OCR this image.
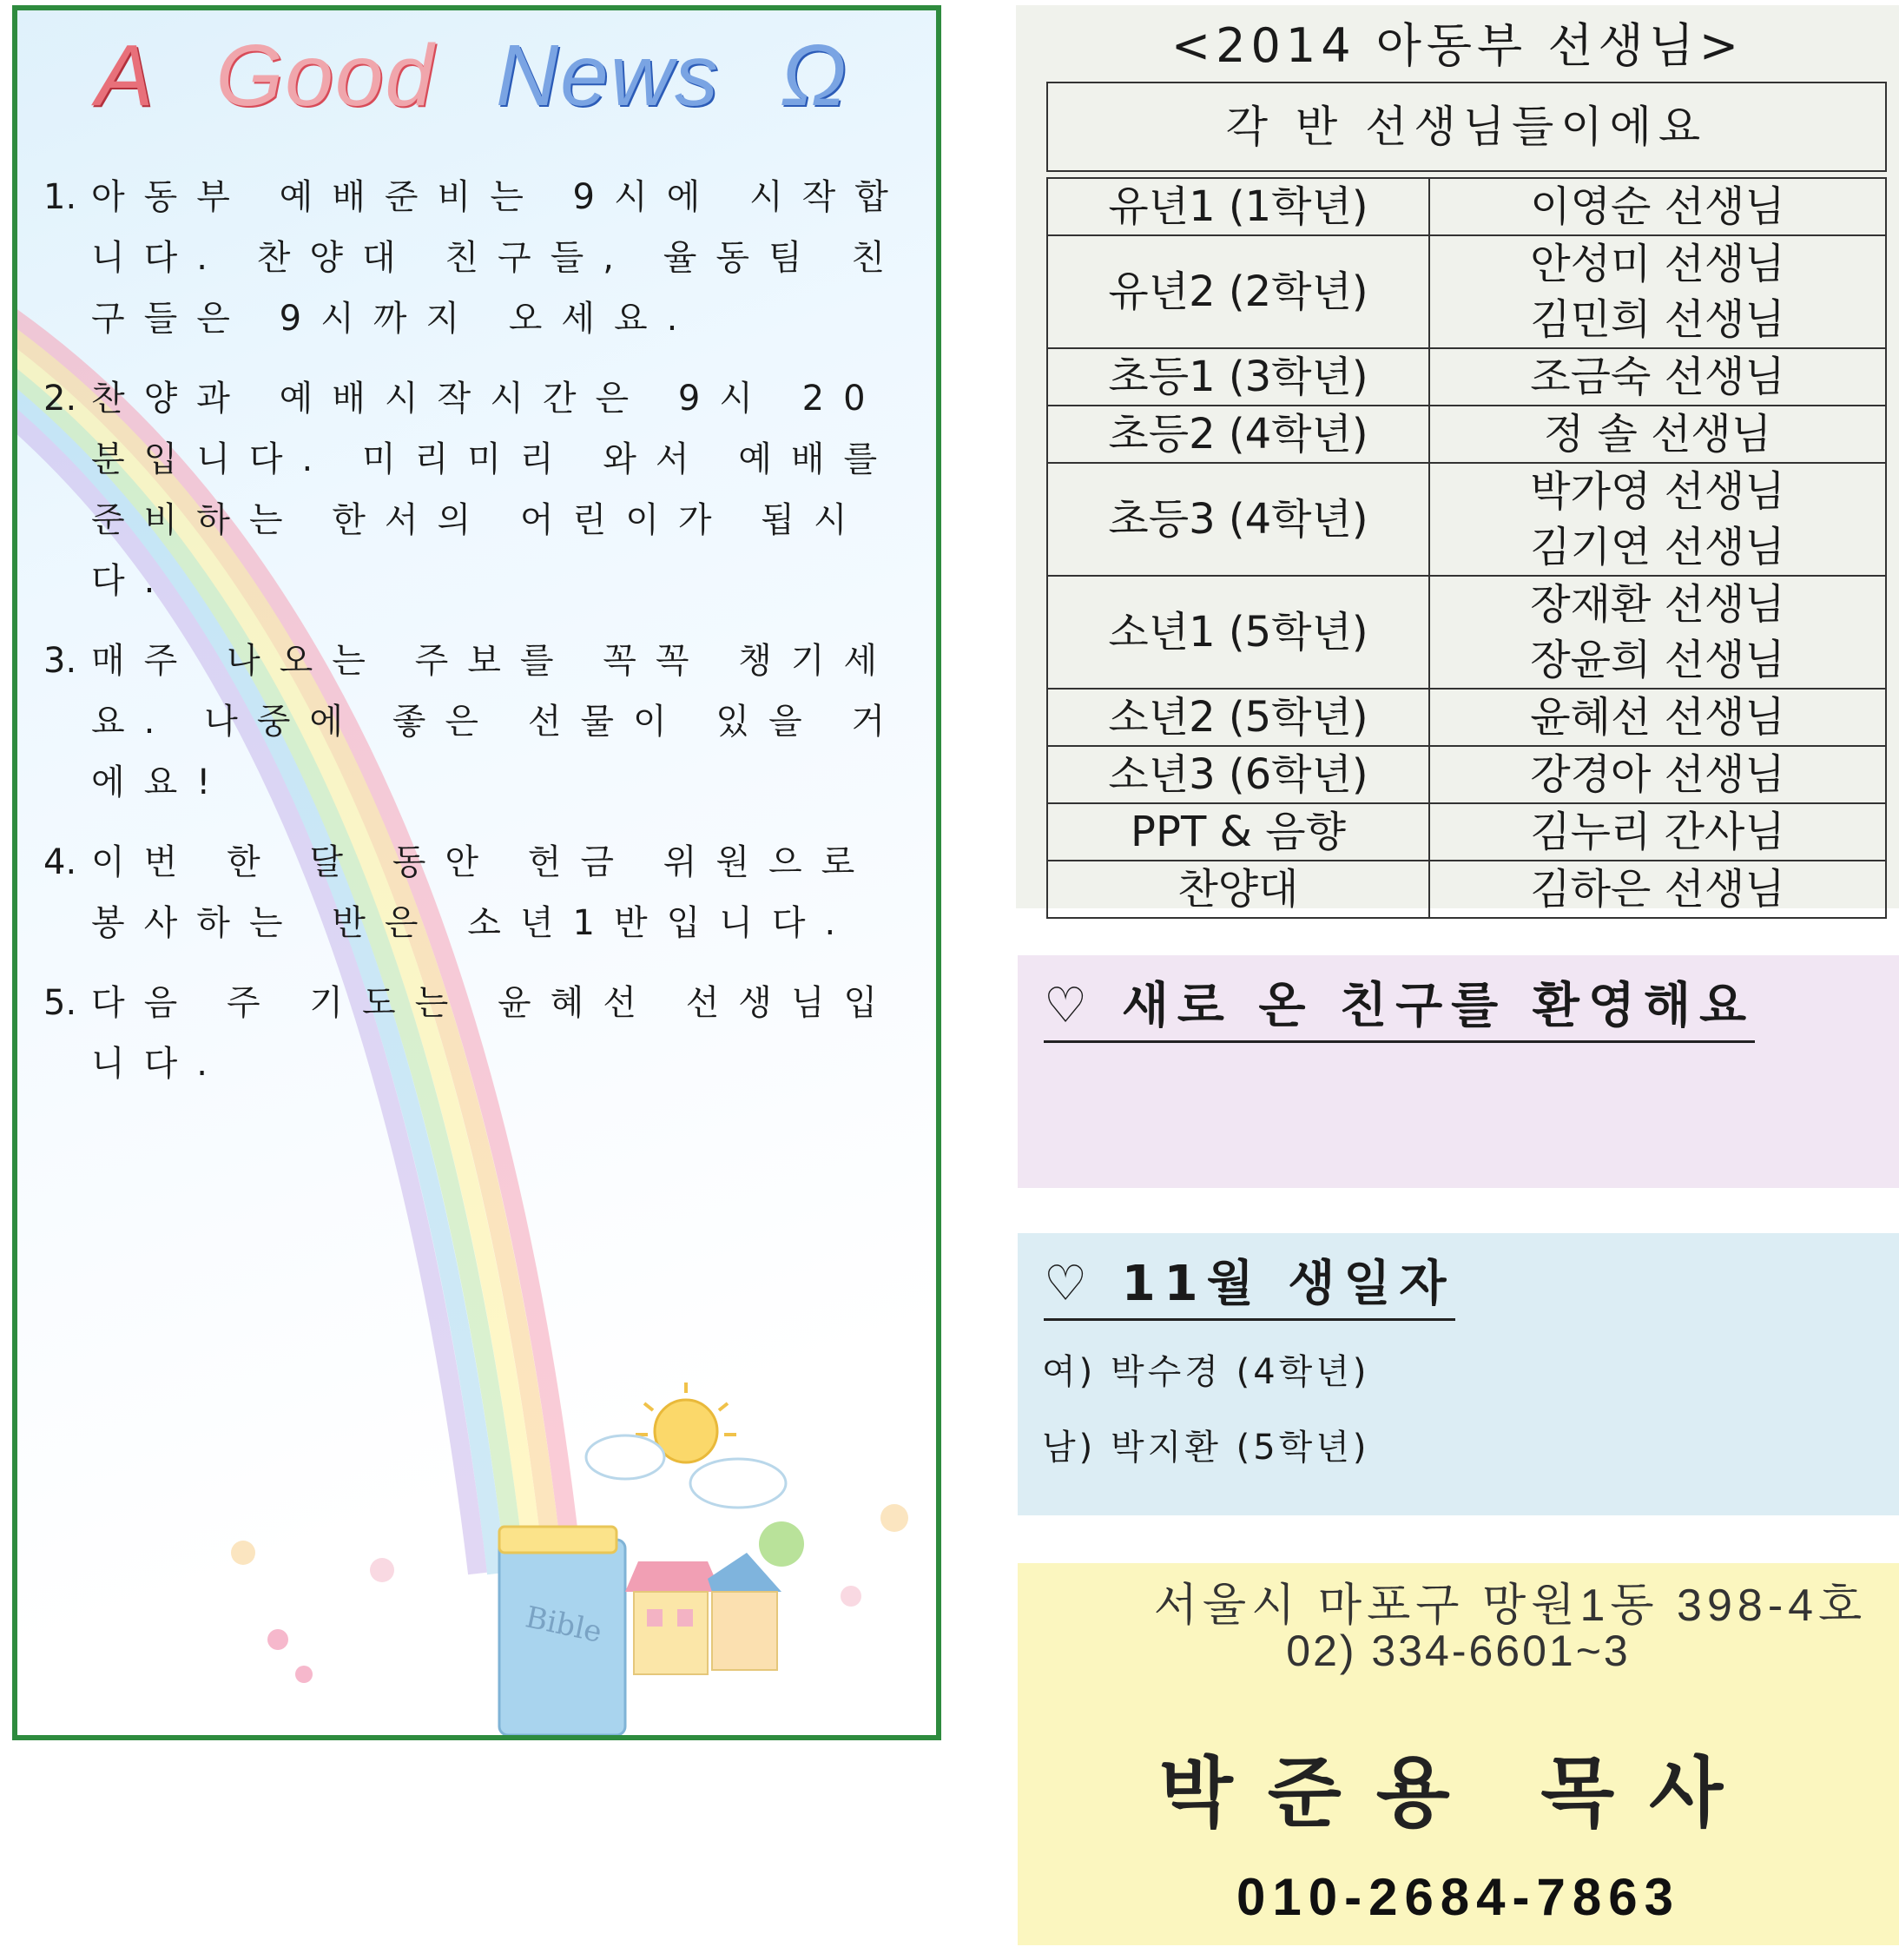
A Good News Ω
1. 아동부 예배준비는 9시에 시작합니다. 찬양대 친구들, 율동팀 친구들은 9시까지 오세요.
2. 찬양과 예배시작시간은 9시 20분입니다. 미리미리 와서 예배를 준비하는 한서의 어린이가 됩시다.
3. 매주 나오는 주보를 꼭꼭 챙기세요. 나중에 좋은 선물이 있을 거에요!
4. 이번 한 달 동안 헌금 위원으로 봉사하는 반은 소년1반입니다.
5. 다음 주 기도는 윤혜선 선생님입니다.
Bible
<2014 아동부 선생님>
각 반 선생님들이에요	

유년1 (1학년)	이영순 선생님

유년2 (2학년)	안성미 선생님
김민희 선생님

초등1 (3학년)	조금숙 선생님

초등2 (4학년)	정 솔 선생님

초등3 (4학년)	박가영 선생님
김기연 선생님

소년1 (5학년)	장재환 선생님
장윤희 선생님

소년2 (5학년)	윤혜선 선생님

소년3 (6학년)	강경아 선생님

PPT & 음향	김누리 간사님

찬양대	김하은 선생님
♡ 새로 온 친구를 환영해요
♡ 11월 생일자
여) 박수경 (4학년)
남) 박지환 (5학년)
서울시 마포구 망원1동 398-4호
02) 334-6601~3
박준용 목사
010-2684-7863
